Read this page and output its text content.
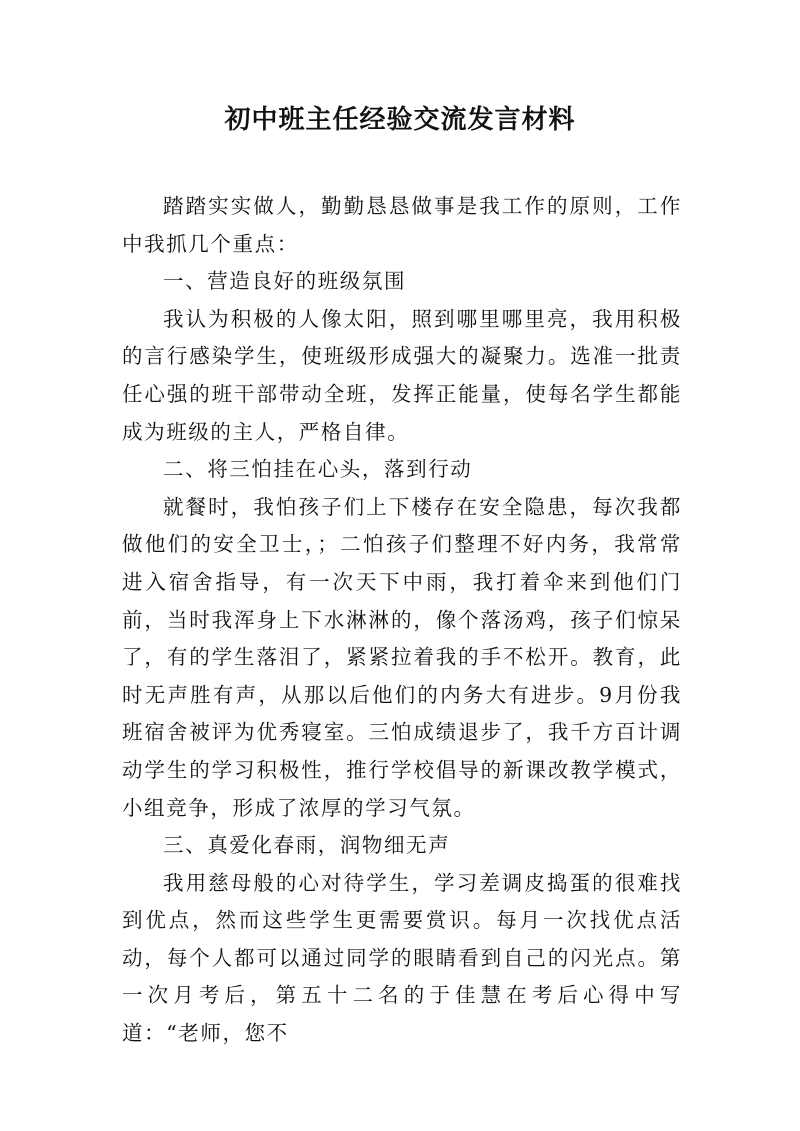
初中班主任经验交流发言材料

踏踏实实做人，勤勤恳恳做事是我工作的原则，工作中我抓几个重点：

一、营造良好的班级氛围

我认为积极的人像太阳，照到哪里哪里亮，我用积极的言行感染学生，使班级形成强大的凝聚力。选准一批责任心强的班干部带动全班，发挥正能量，使每名学生都能成为班级的主人，严格自律。

二、将三怕挂在心头，落到行动

就餐时，我怕孩子们上下楼存在安全隐患，每次我都做他们的安全卫士，；二怕孩子们整理不好内务，我常常进入宿舍指导，有一次天下中雨，我打着伞来到他们门前，当时我浑身上下水淋淋的，像个落汤鸡，孩子们惊呆了，有的学生落泪了，紧紧拉着我的手不松开。教育，此时无声胜有声，从那以后他们的内务大有进步。9月份我班宿舍被评为优秀寝室。三怕成绩退步了，我千方百计调动学生的学习积极性，推行学校倡导的新课改教学模式，小组竞争，形成了浓厚的学习气氛。

三、真爱化春雨，润物细无声

我用慈母般的心对待学生，学习差调皮捣蛋的很难找到优点，然而这些学生更需要赏识。每月一次找优点活动，每个人都可以通过同学的眼睛看到自己的闪光点。第一次月考后，第五十二名的于佳慧在考后心得中写道：“老师，您不
